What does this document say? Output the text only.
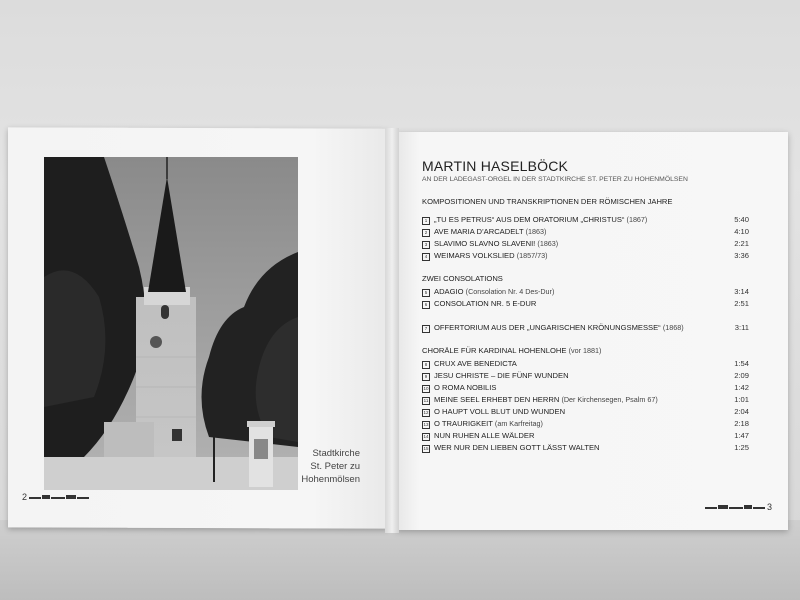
Stadtkirche
St. Peter zu
Hohenmölsen
2
3
MARTIN HASELBÖCK
AN DER LADEGAST-ORGEL IN DER STADTKIRCHE ST. PETER ZU HOHENMÖLSEN
KOMPOSITIONEN UND TRANSKRIPTIONEN DER RÖMISCHEN JAHRE
1 „TU ES PETRUS“ AUS DEM ORATORIUM „CHRISTUS“ (1867)	5:40
2 AVE MARIA D’ARCADELT (1863)	4:10
3 SLAVIMO SLAVNO SLAVENI! (1863)	2:21
4 WEIMARS VOLKSLIED (1857/73)	3:36
ZWEI CONSOLATIONS
5 ADAGIO (Consolation Nr. 4 Des-Dur)	3:14
6 CONSOLATION NR. 5 E-DUR	2:51
7 OFFERTORIUM AUS DER „UNGARISCHEN KRÖNUNGSMESSE“ (1868)	3:11
CHORÄLE FÜR KARDINAL HOHENLOHE (vor 1881)
8 CRUX AVE BENEDICTA	1:54
9 JESU CHRISTE – DIE FÜNF WUNDEN	2:09
10 O ROMA NOBILIS	1:42
11 MEINE SEEL ERHEBT DEN HERRN (Der Kirchensegen, Psalm 67)	1:01
12 O HAUPT VOLL BLUT UND WUNDEN	2:04
13 O TRAURIGKEIT (am Karfreitag)	2:18
14 NUN RUHEN ALLE WÄLDER	1:47
15 WER NUR DEN LIEBEN GOTT LÄSST WALTEN	1:25
